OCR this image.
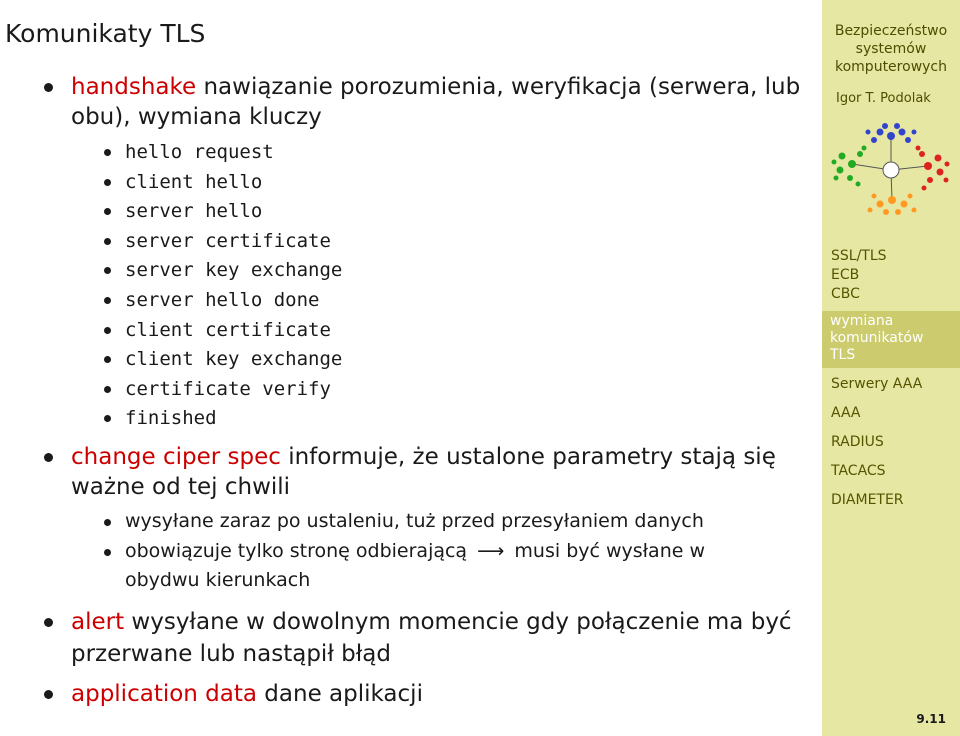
Komunikaty TLS
handshake nawiązanie porozumienia, weryfikacja (serwera, lub
obu), wymiana kluczy
hello request
client hello
server hello
server certificate
server key exchange
server hello done
client certificate
client key exchange
certificate verify
finished
change ciper spec informuje, że ustalone parametry stają się
ważne od tej chwili
wysyłane zaraz po ustaleniu, tuż przed przesyłaniem danych
obowiązuje tylko stronę odbierającą ⟶ musi być wysłane w
obydwu kierunkach
alert wysyłane w dowolnym momencie gdy połączenie ma być
przerwane lub nastąpił błąd
application data dane aplikacji
Bezpieczeństwo
systemów
komputerowych
Igor T. Podolak
SSL/TLS
ECB
CBC
wymiana
komunikatów
TLS
Serwery AAA
AAA
RADIUS
TACACS
DIAMETER
9.11
